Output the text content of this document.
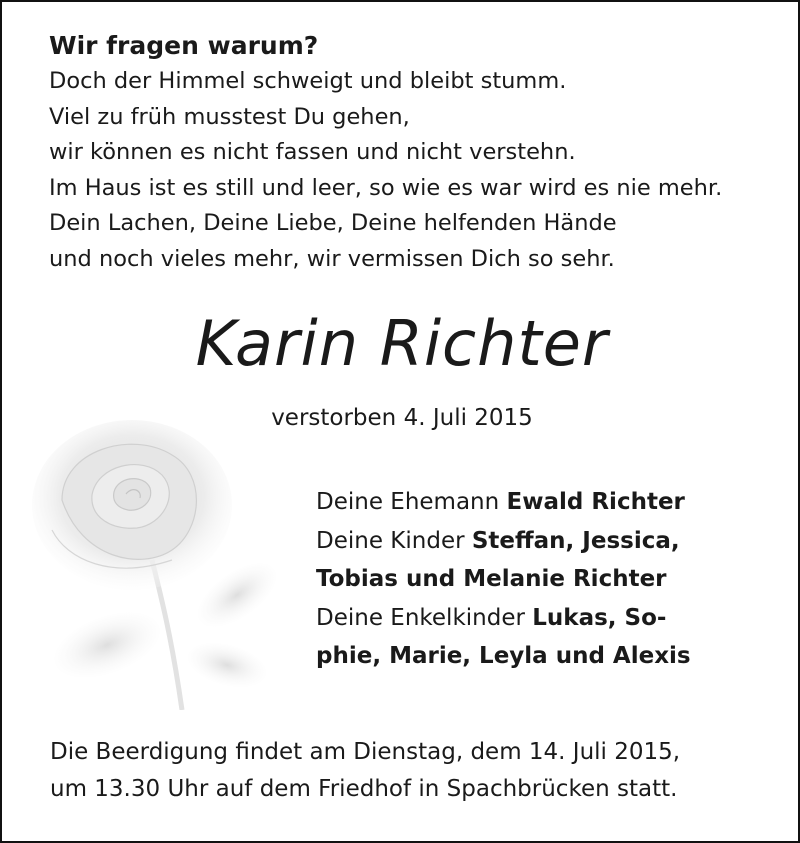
Wir fragen warum?

Doch der Himmel schweigt und bleibt stumm.

Viel zu früh musstest Du gehen,

wir können es nicht fassen und nicht verstehn.

Im Haus ist es still und leer, so wie es war wird es nie mehr.

Dein Lachen, Deine Liebe, Deine helfenden Hände

und noch vieles mehr, wir vermissen Dich so sehr.

Karin Richter
verstorben 4. Juli 2015

Deine Ehemann Ewald Richter

Deine Kinder Steffan, Jessica,

Tobias und Melanie Richter

Deine Enkelkinder Lukas, So-

phie, Marie, Leyla und Alexis

Die Beerdigung findet am Dienstag, dem 14. Juli 2015,

um 13.30 Uhr auf dem Friedhof in Spachbrücken statt.
